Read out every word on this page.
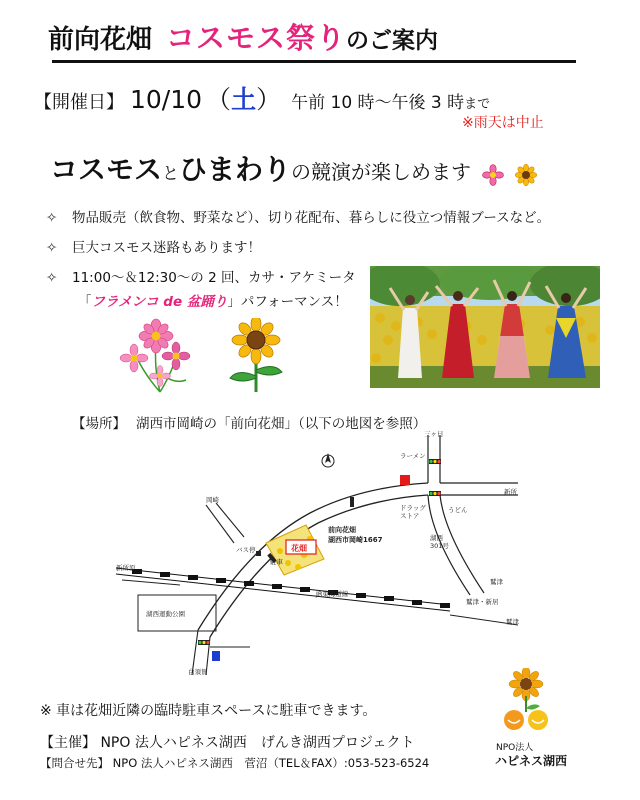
前向花畑 コスモス祭りのご案内
【開催日】 10/10 （土） 午前 10 時～午後 3 時まで
※雨天は中止
コスモスとひまわりの競演が楽しめます
✧ 物品販売（飲食物、野菜など）、切り花配布、暮らしに役立つ情報ブースなど。
✧ 巨大コスモス迷路もあります！
✧ 11:00～＆12:30～の 2 回、カサ・アケミータ
「フラメンコ de 盆踊り」パフォーマンス！
【場所】 湖西市岡崎の「前向花畑」（以下の地図を参照）
前向花畑
湖西市岡崎1667
花畑
三ヶ日
ラーメン
うどん
ドラッグ
ストア
新所
バス停
岡崎
湖西
301号
駐車
鷲津
新所原
JR東海道線
湖西運動公園
白須賀
鷲津・新居
鷲津
※ 車は花畑近隣の臨時駐車スペースに駐車できます。
【主催】 NPO 法人ハピネス湖西　げんき湖西プロジェクト
【問合せ先】 NPO 法人ハピネス湖西　菅沼（TEL＆FAX）:053-523-6524
NPO法人
ハピネス湖西
